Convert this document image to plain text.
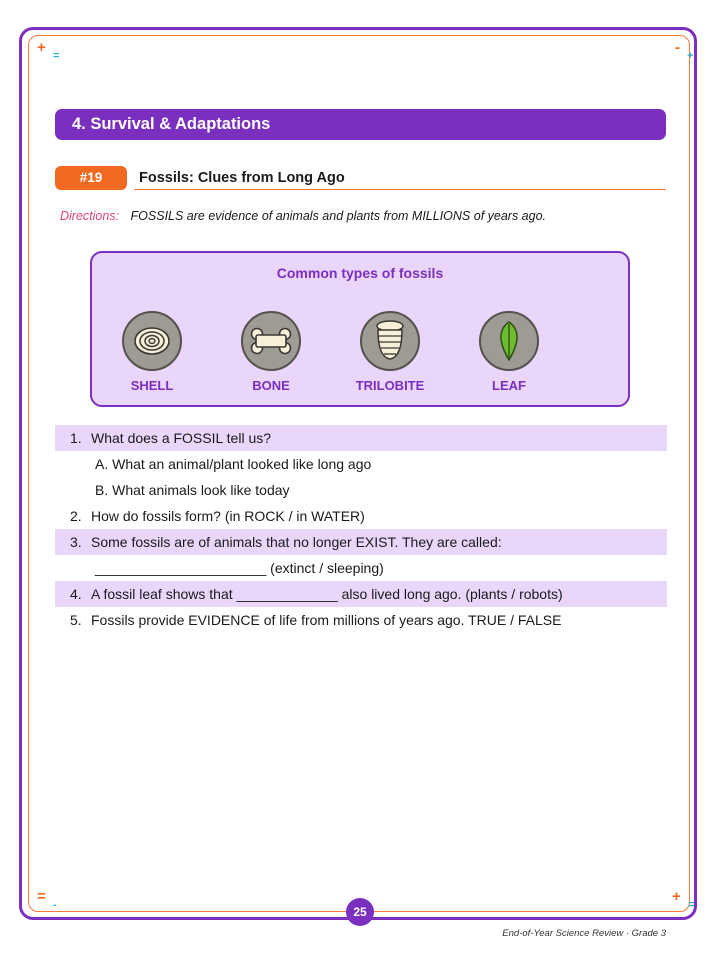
+ =	- +
= -	+ =
4. Survival & Adaptations
#19	Fossils: Clues from Long Ago
Directions: FOSSILS are evidence of animals and plants from MILLIONS of years ago.
Common types of fossils
SHELL	BONE	TRILOBITE	LEAF
1. What does a FOSSIL tell us?
A. What an animal/plant looked like long ago
B. What animals look like today
2. How do fossils form? (in ROCK / in WATER)
3. Some fossils are of animals that no longer EXIST. They are called:
______________________ (extinct / sleeping)
4. A fossil leaf shows that _____________ also lived long ago. (plants / robots)
5. Fossils provide EVIDENCE of life from millions of years ago. TRUE / FALSE
25
End-of-Year Science Review · Grade 3
